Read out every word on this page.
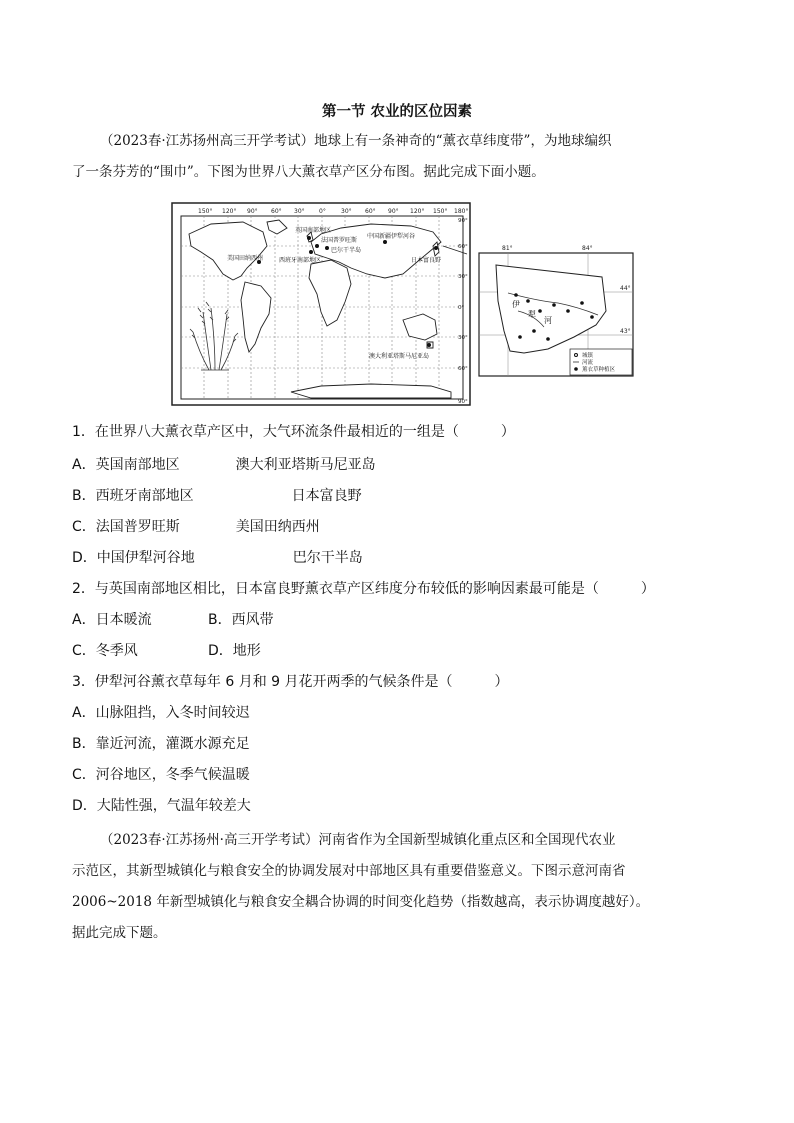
第一节 农业的区位因素

（2023春·江苏扬州高三开学考试）地球上有一条神奇的“薰衣草纬度带”，为地球编织

了一条芬芳的“围巾”。下图为世界八大薰衣草产区分布图。据此完成下面小题。

150° 120° 90° 60° 30° 0°	30° 60° 90° 120° 150° 180°
90°
60°
30°
0°
30°
60°
90°
美国田纳西州
英国南部地区
法国普罗旺斯
巴尔干半岛
西班牙南部地区
中国新疆伊犁河谷
日本富良野
澳大利亚塔斯马尼亚岛
81°	84°
44°
43°
伊
犁
河
城镇
河流
薰衣草种植区
1．在世界八大薰衣草产区中，大气环流条件最相近的一组是（　　　）
A．英国南部地区　　　　澳大利亚塔斯马尼亚岛
B．西班牙南部地区　　　　　　　日本富良野
C．法国普罗旺斯　　　　美国田纳西州
D．中国伊犁河谷地　　　　　　　巴尔干半岛
2．与英国南部地区相比，日本富良野薰衣草产区纬度分布较低的影响因素最可能是（　　　）
A．日本暖流	B．西风带
C．冬季风	D．地形
3．伊犁河谷薰衣草每年 6 月和 9 月花开两季的气候条件是（　　　）
A．山脉阻挡，入冬时间较迟
B．靠近河流，灌溉水源充足
C．河谷地区，冬季气候温暖
D．大陆性强，气温年较差大

（2023春·江苏扬州·高三开学考试）河南省作为全国新型城镇化重点区和全国现代农业

示范区，其新型城镇化与粮食安全的协调发展对中部地区具有重要借鉴意义。下图示意河南省

2006~2018 年新型城镇化与粮食安全耦合协调的时间变化趋势（指数越高，表示协调度越好）。

据此完成下题。
